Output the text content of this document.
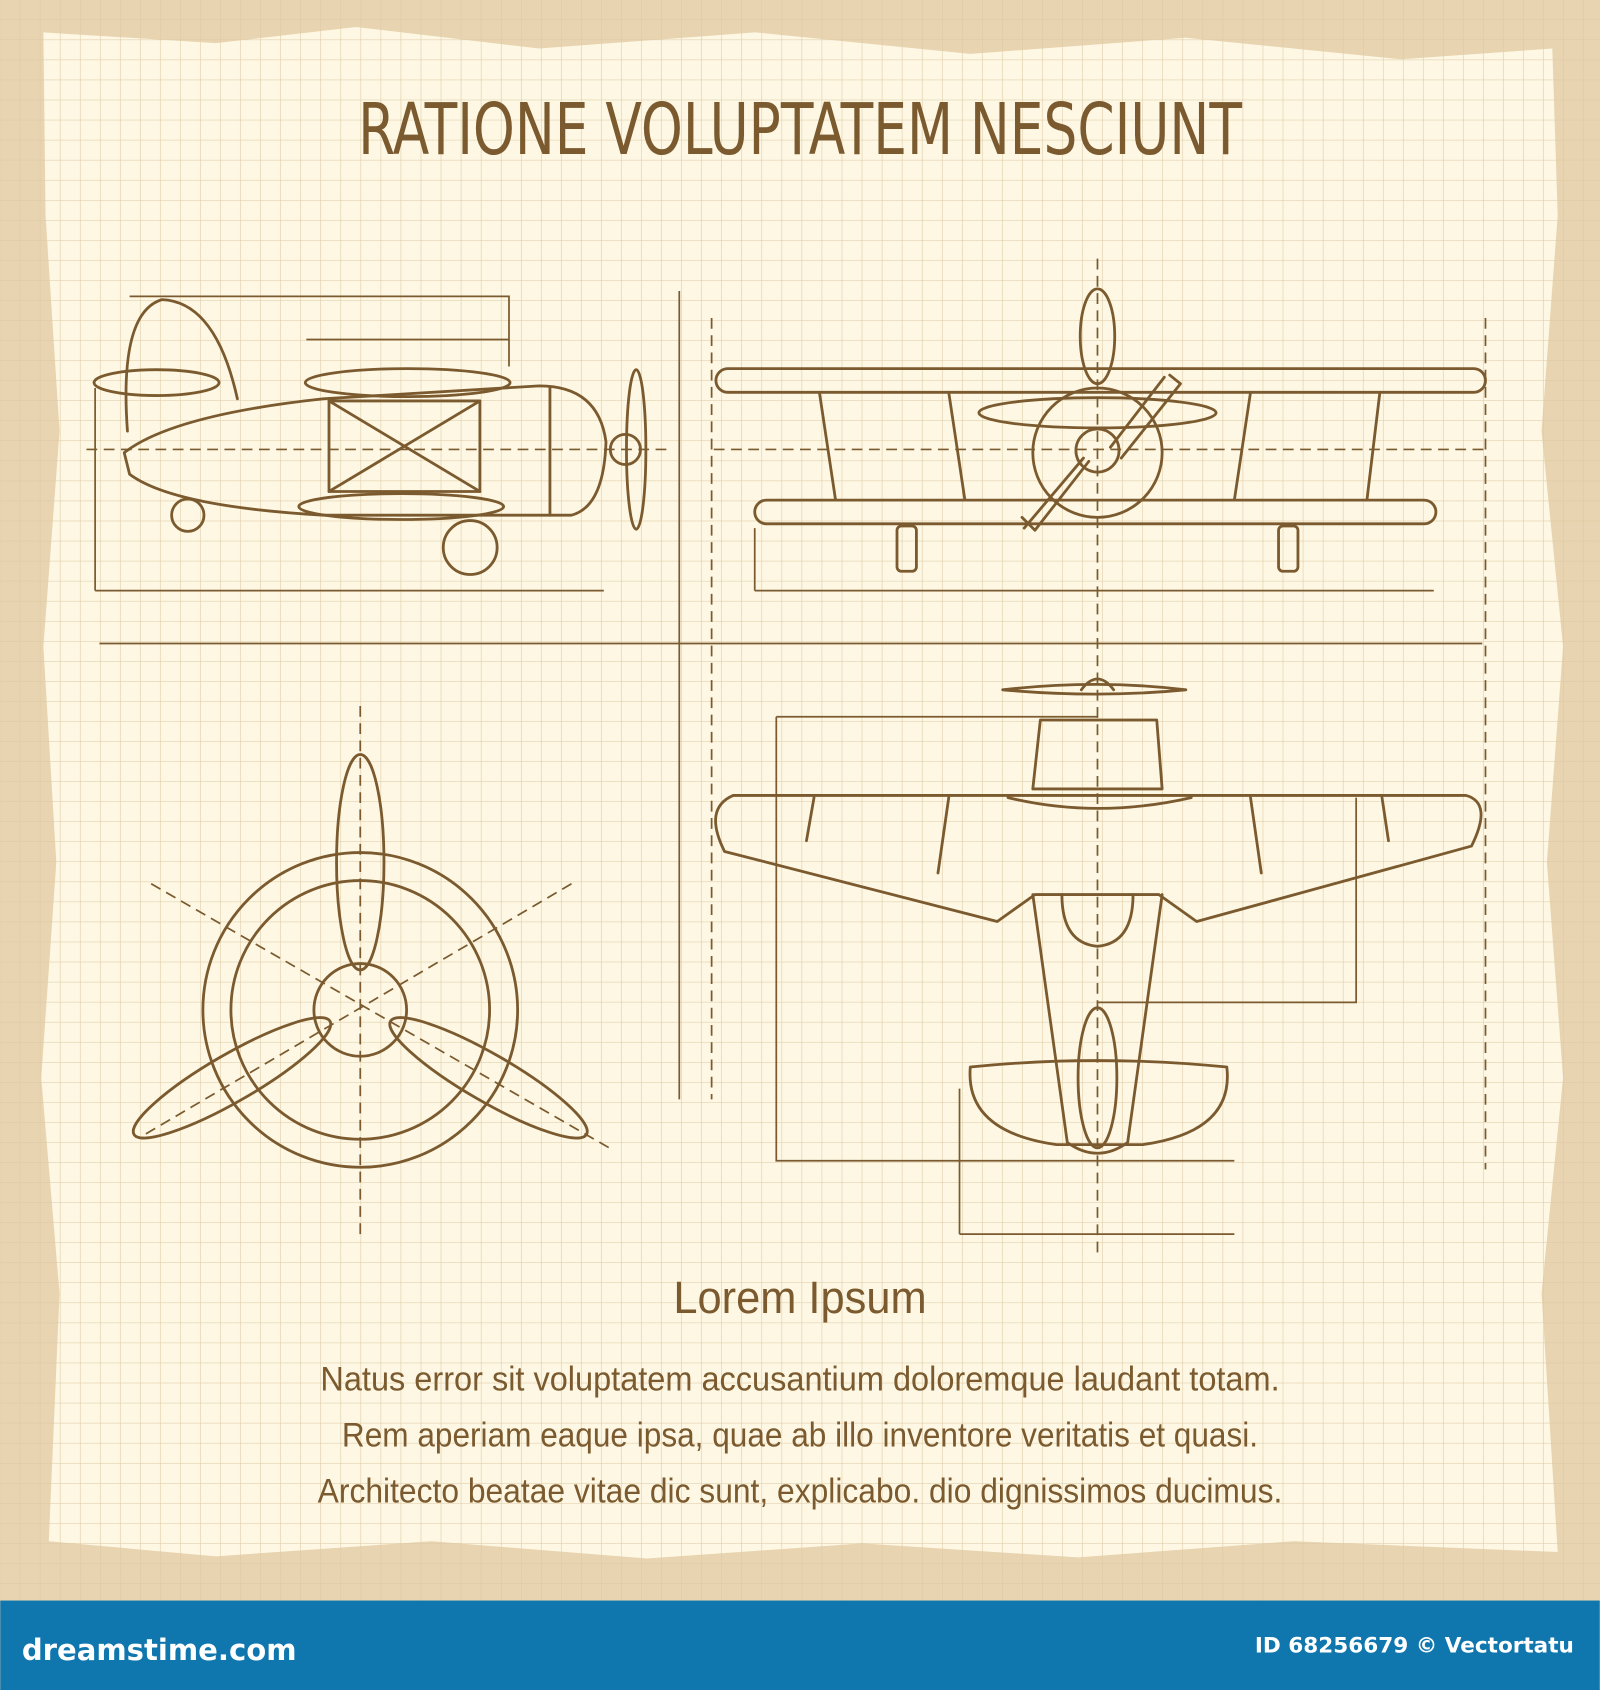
RATIONE VOLUPTATEM NESCIUNT
Lorem Ipsum
Natus error sit voluptatem accusantium doloremque laudant totam.
Rem aperiam eaque ipsa, quae ab illo inventore veritatis et quasi.
Architecto beatae vitae dic sunt, explicabo. dio dignissimos ducimus.
dreamstime.com	ID 68256679 © Vectortatu
